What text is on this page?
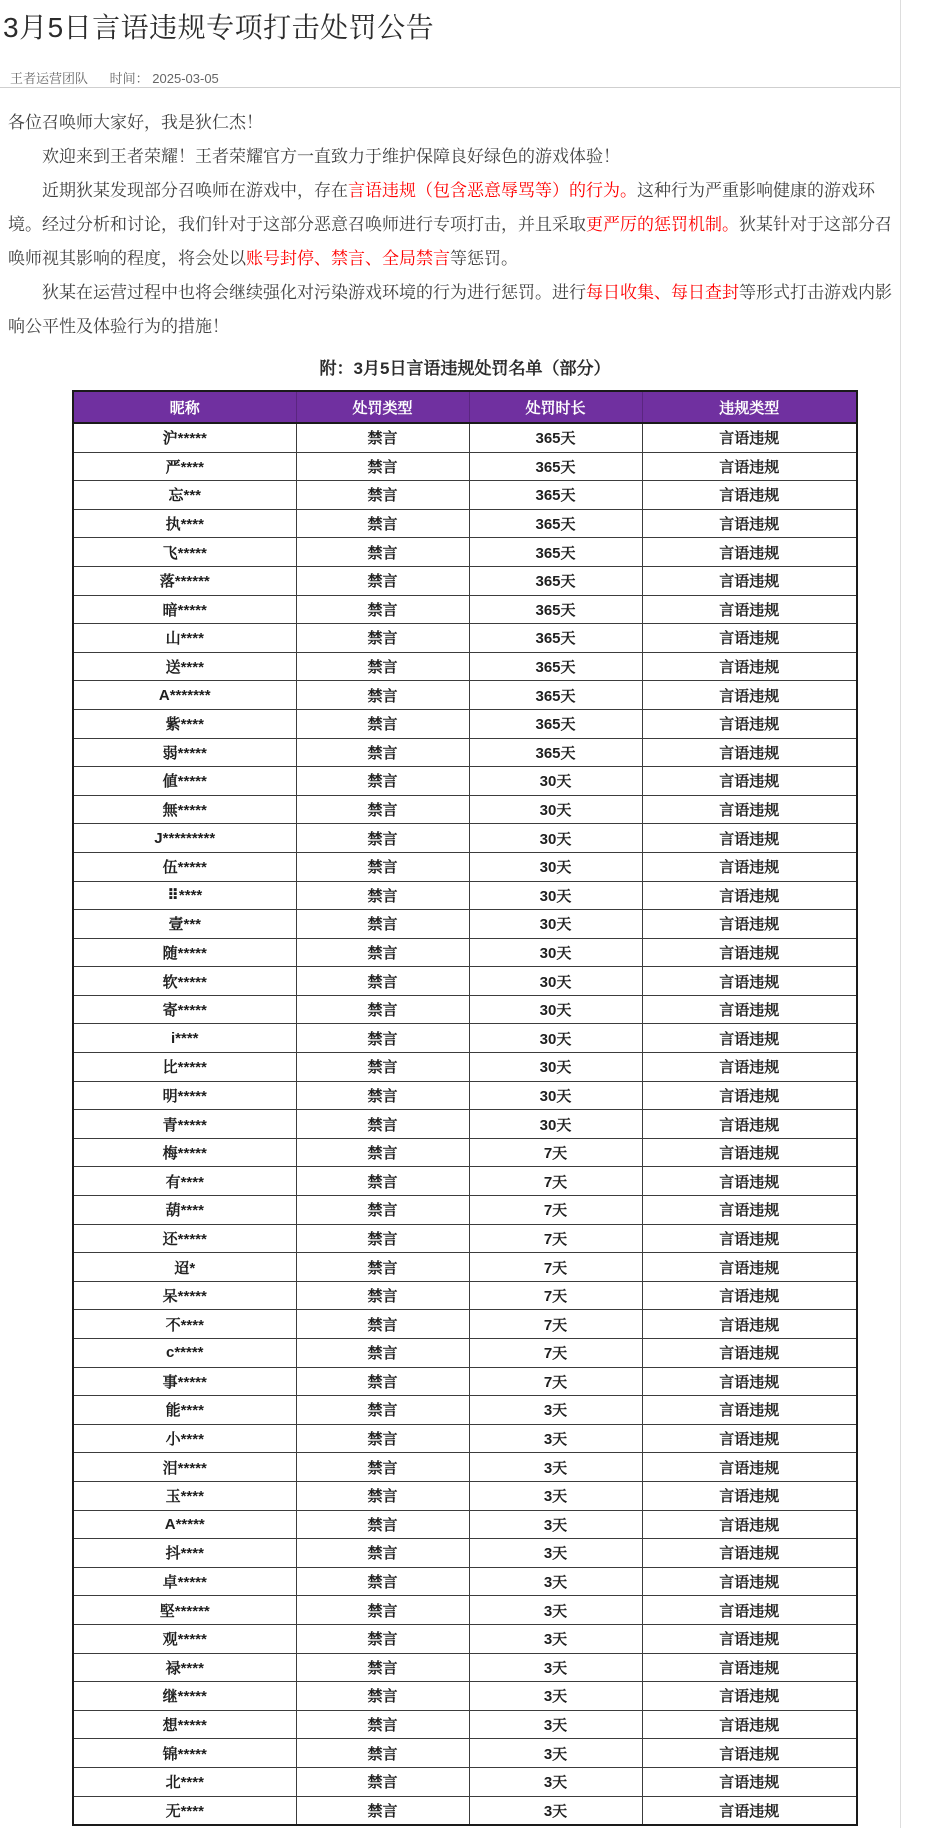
3月5日言语违规专项打击处罚公告
王者运营团队 时间： 2025-03-05

各位召唤师大家好，我是狄仁杰！

欢迎来到王者荣耀！王者荣耀官方一直致力于维护保障良好绿色的游戏体验！

近期狄某发现部分召唤师在游戏中，存在言语违规（包含恶意辱骂等）的行为。这种行为严重影响健康的游戏环境。经过分析和讨论，我们针对于这部分恶意召唤师进行专项打击，并且采取更严厉的惩罚机制。狄某针对于这部分召唤师视其影响的程度，将会处以账号封停、禁言、全局禁言等惩罚。

狄某在运营过程中也将会继续强化对污染游戏环境的行为进行惩罚。进行每日收集、每日查封等形式打击游戏内影响公平性及体验行为的措施！

附：3月5日言语违规处罚名单（部分）
昵称	处罚类型	处罚时长	违规类型
沪*****	禁言	365天	言语违规
严****	禁言	365天	言语违规
忘***	禁言	365天	言语违规
执****	禁言	365天	言语违规
飞*****	禁言	365天	言语违规
落******	禁言	365天	言语违规
暗*****	禁言	365天	言语违规
山****	禁言	365天	言语违规
送****	禁言	365天	言语违规
A*******	禁言	365天	言语违规
紫****	禁言	365天	言语违规
弱*****	禁言	365天	言语违规
値*****	禁言	30天	言语违规
無*****	禁言	30天	言语违规
J*********	禁言	30天	言语违规
伍*****	禁言	30天	言语违规
⠿****	禁言	30天	言语违规
壹***	禁言	30天	言语违规
随*****	禁言	30天	言语违规
软*****	禁言	30天	言语违规
寄*****	禁言	30天	言语违规
i****	禁言	30天	言语违规
比*****	禁言	30天	言语违规
明*****	禁言	30天	言语违规
青*****	禁言	30天	言语违规
梅*****	禁言	7天	言语违规
有****	禁言	7天	言语违规
葫****	禁言	7天	言语违规
还*****	禁言	7天	言语违规
迢*	禁言	7天	言语违规
呆*****	禁言	7天	言语违规
不****	禁言	7天	言语违规
c*****	禁言	7天	言语违规
事*****	禁言	7天	言语违规
能****	禁言	3天	言语违规
小****	禁言	3天	言语违规
泪*****	禁言	3天	言语违规
玉****	禁言	3天	言语违规
A*****	禁言	3天	言语违规
抖****	禁言	3天	言语违规
卓*****	禁言	3天	言语违规
堅******	禁言	3天	言语违规
观*****	禁言	3天	言语违规
禄****	禁言	3天	言语违规
继*****	禁言	3天	言语违规
想*****	禁言	3天	言语违规
锦*****	禁言	3天	言语违规
北****	禁言	3天	言语违规
无****	禁言	3天	言语违规
